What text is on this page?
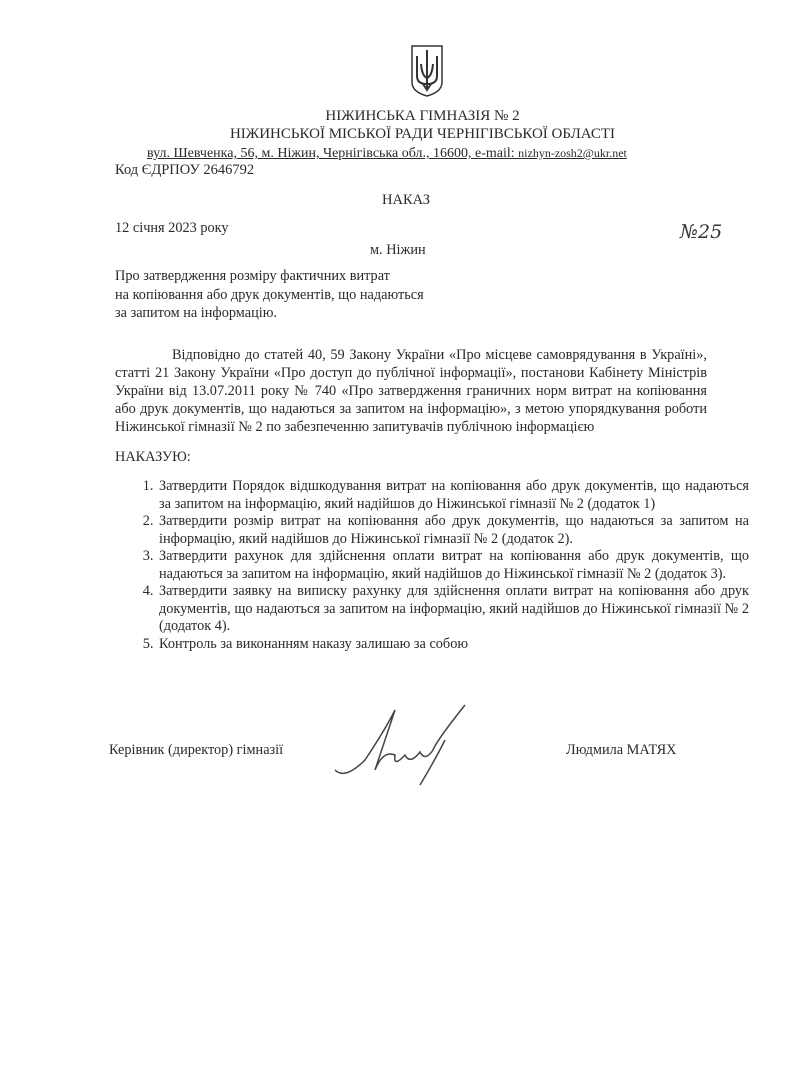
НІЖИНСЬКА ГІМНАЗІЯ № 2
НІЖИНСЬКОЇ МІСЬКОЇ РАДИ ЧЕРНІГІВСЬКОЇ ОБЛАСТІ
вул. Шевченка, 56, м. Ніжин, Чернігівська обл., 16600, e-mail: nizhyn-zosh2@ukr.net
Код ЄДРПОУ 2646792
НАКАЗ
12 січня 2023 року
м. Ніжин
№25
Про затвердження розміру фактичних витрат
на копіювання або друк документів, що надаються
за запитом на інформацію.
Відповідно до статей 40, 59 Закону України «Про місцеве самоврядування в Україні», статті 21 Закону України «Про доступ до публічної інформації», постанови Кабінету Міністрів України від 13.07.2011 року № 740 «Про затвердження граничних норм витрат на копіювання або друк документів, що надаються за запитом на інформацію», з метою упорядкування роботи Ніжинської гімназії № 2 по забезпеченню запитувачів публічною інформацією
НАКАЗУЮ:
1. Затвердити Порядок відшкодування витрат на копіювання або друк документів, що надаються за запитом на інформацію, який надійшов до Ніжинської гімназії № 2 (додаток 1)
2. Затвердити розмір витрат на копіювання або друк документів, що надаються за запитом на інформацію, який надійшов до Ніжинської гімназії № 2 (додаток 2).
3. Затвердити рахунок для здійснення оплати витрат на копіювання або друк документів, що надаються за запитом на інформацію, який надійшов до Ніжинської гімназії № 2 (додаток 3).
4. Затвердити заявку на виписку рахунку для здійснення оплати витрат на копіювання або друк документів, що надаються за запитом на інформацію, який надійшов до Ніжинської гімназії № 2 (додаток 4).
5. Контроль за виконанням наказу залишаю за собою
Керівник (директор) гімназії	Людмила МАТЯХ
